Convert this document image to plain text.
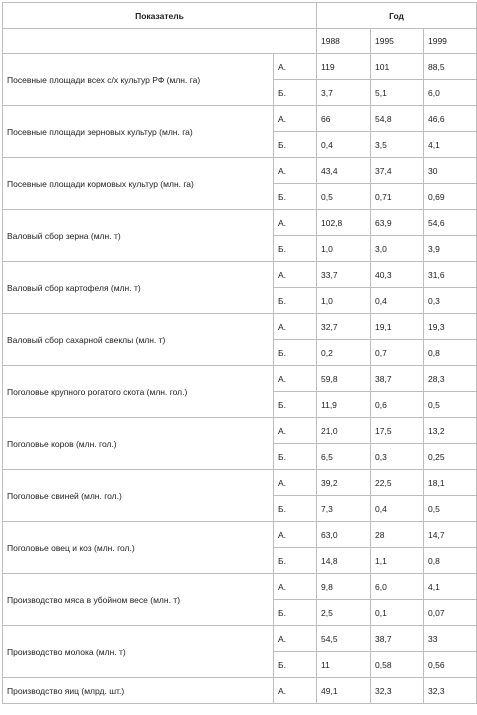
Показатель		Год		
		1988	1995	1999
Посевные площади всех с/х культур РФ (млн. га)	А.	119	101	88,5
	Б.	3,7	5,1	6,0
Посевные площади зерновых культур (млн. га)	А.	66	54,8	46,6
	Б.	0,4	3,5	4,1
Посевные площади кормовых культур (млн. га)	А.	43,4	37,4	30
	Б.	0,5	0,71	0,69
Валовый сбор зерна (млн. т)	А.	102,8	63,9	54,6
	Б.	1,0	3,0	3,9
Валовый сбор картофеля (млн. т)	А.	33,7	40,3	31,6
	Б.	1,0	0,4	0,3
Валовый сбор сахарной свеклы (млн. т)	А.	32,7	19,1	19,3
	Б.	0,2	0,7	0,8
Поголовье крупного рогатого скота (млн. гол.)	А.	59,8	38,7	28,3
	Б.	11,9	0,6	0,5
Поголовье коров (млн. гол.)	А.	21,0	17,5	13,2
	Б.	6,5	0,3	0,25
Поголовье свиней (млн. гол.)	А.	39,2	22,5	18,1
	Б.	7,3	0,4	0,5
Поголовье овец и коз (млн. гол.)	А.	63,0	28	14,7
	Б.	14,8	1,1	0,8
Производство мяса в убойном весе (млн. т)	А.	9,8	6,0	4,1
	Б.	2,5	0,1	0,07
Производство молока (млн. т)	А.	54,5	38,7	33
	Б.	11	0,58	0,56
Производство яиц (млрд. шт.)	А.	49,1	32,3	32,3
